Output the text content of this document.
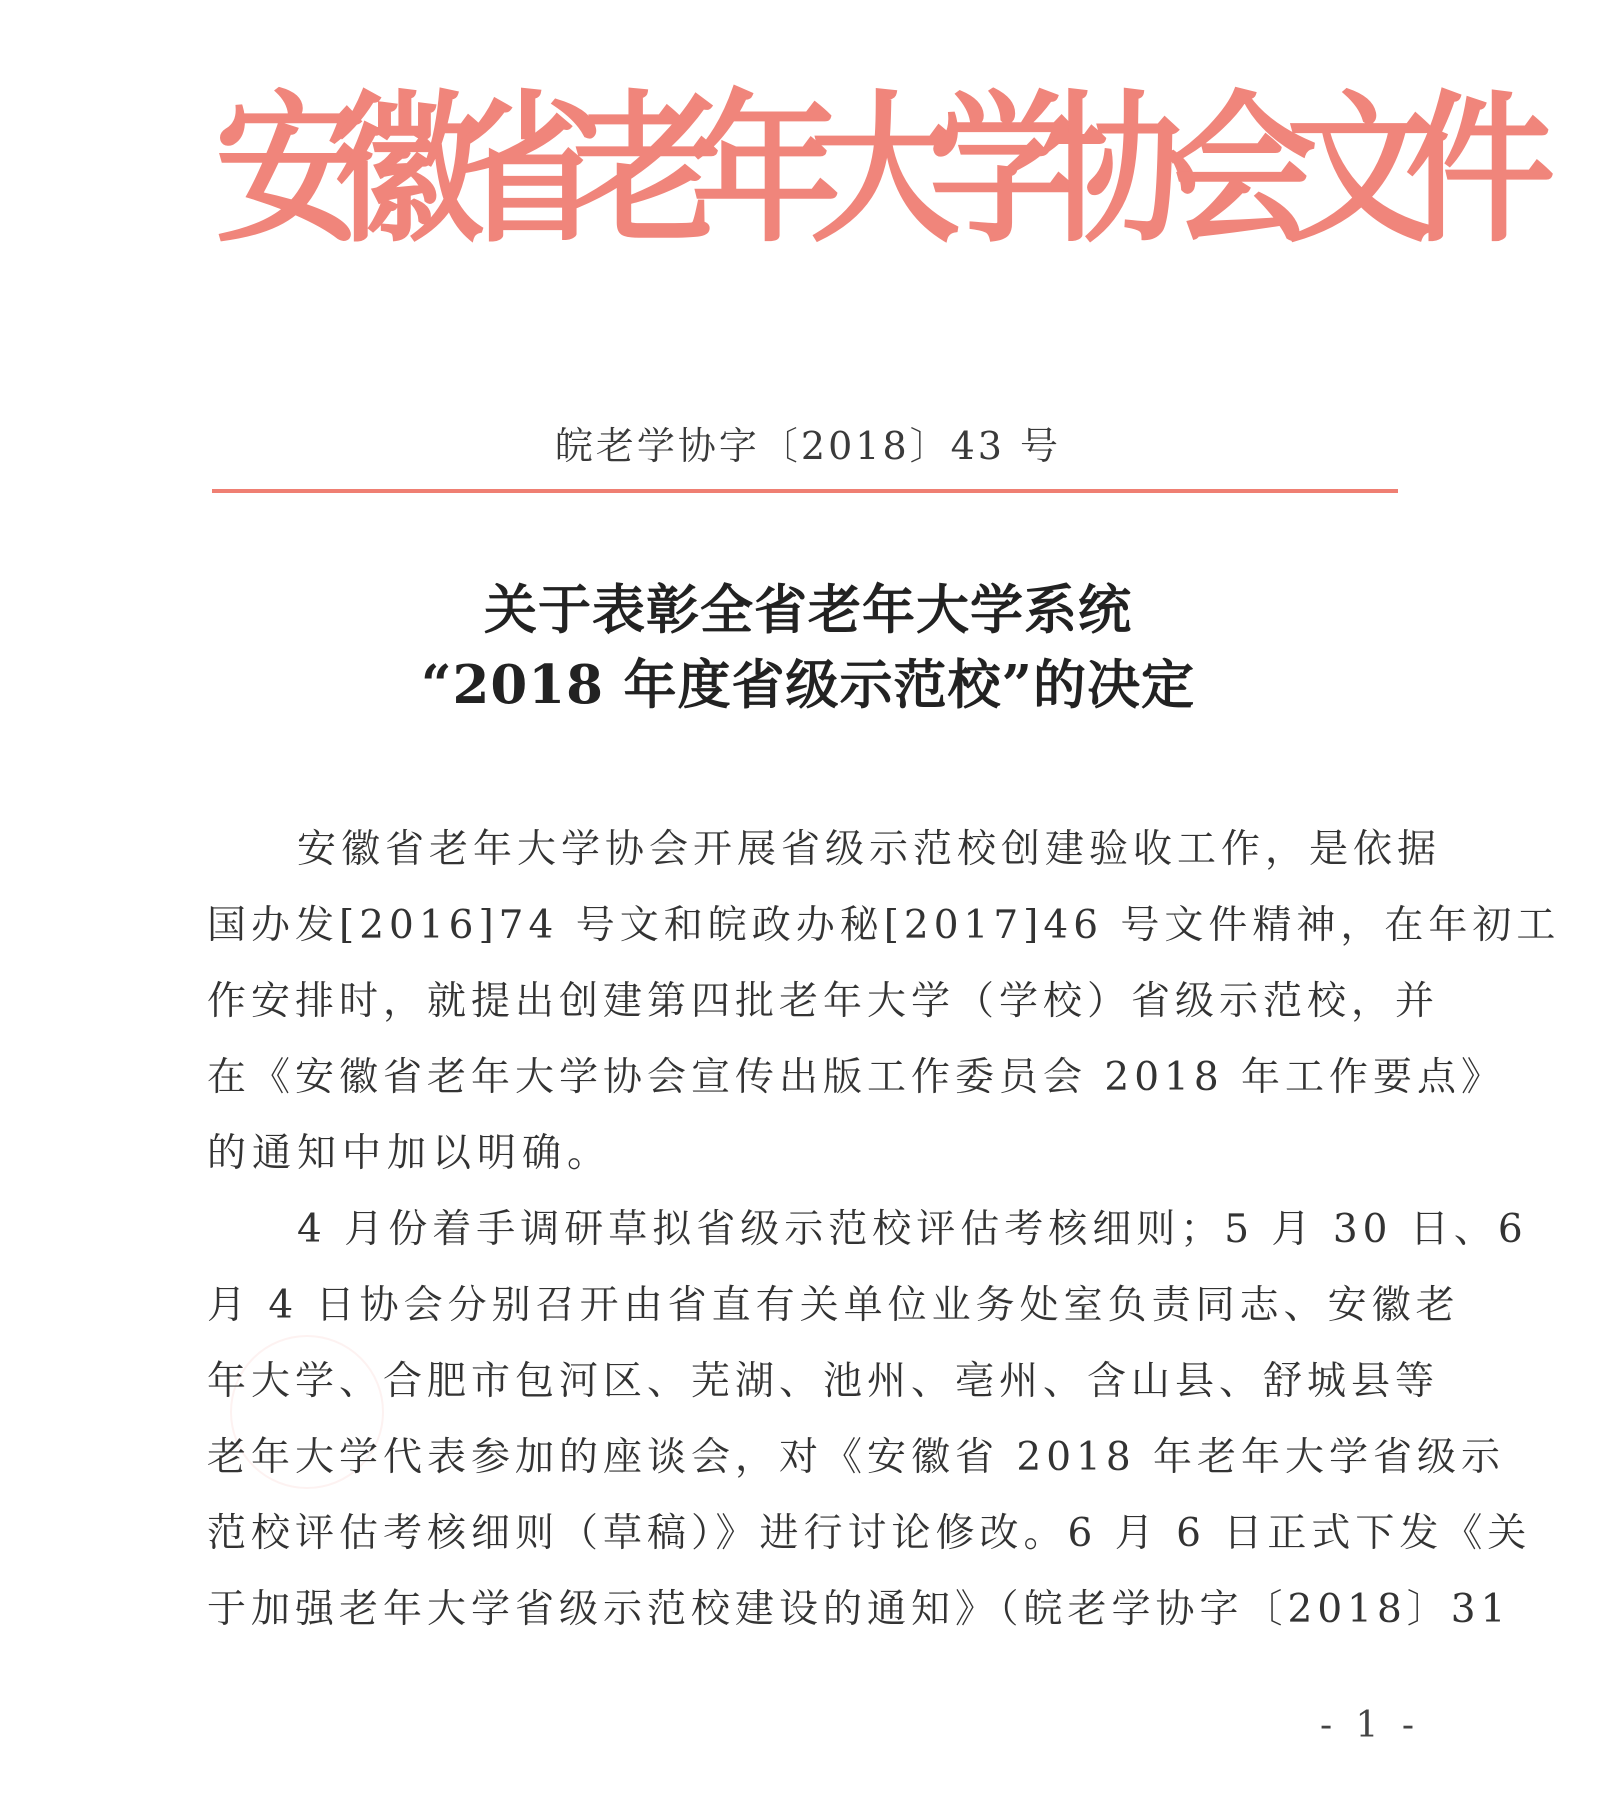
安
徽
省
老
年
大
学
协
会
文
件
皖老学协字〔2018〕43 号
关于表彰全省老年大学系统
“2018 年度省级示范校”的决定
安徽省老年大学协会开展省级示范校创建验收工作，是依据
国办发[2016]74 号文和皖政办秘[2017]46 号文件精神，在年初工
作安排时，就提出创建第四批老年大学（学校）省级示范校，并
在《安徽省老年大学协会宣传出版工作委员会 2018 年工作要点》
的通知中加以明确。
4 月份着手调研草拟省级示范校评估考核细则；5 月 30 日、6
月 4 日协会分别召开由省直有关单位业务处室负责同志、安徽老
年大学、合肥市包河区、芜湖、池州、亳州、含山县、舒城县等
老年大学代表参加的座谈会，对《安徽省 2018 年老年大学省级示
范校评估考核细则（草稿）》进行讨论修改。6 月 6 日正式下发《关
于加强老年大学省级示范校建设的通知》（皖老学协字〔2018〕31
- 1 -
